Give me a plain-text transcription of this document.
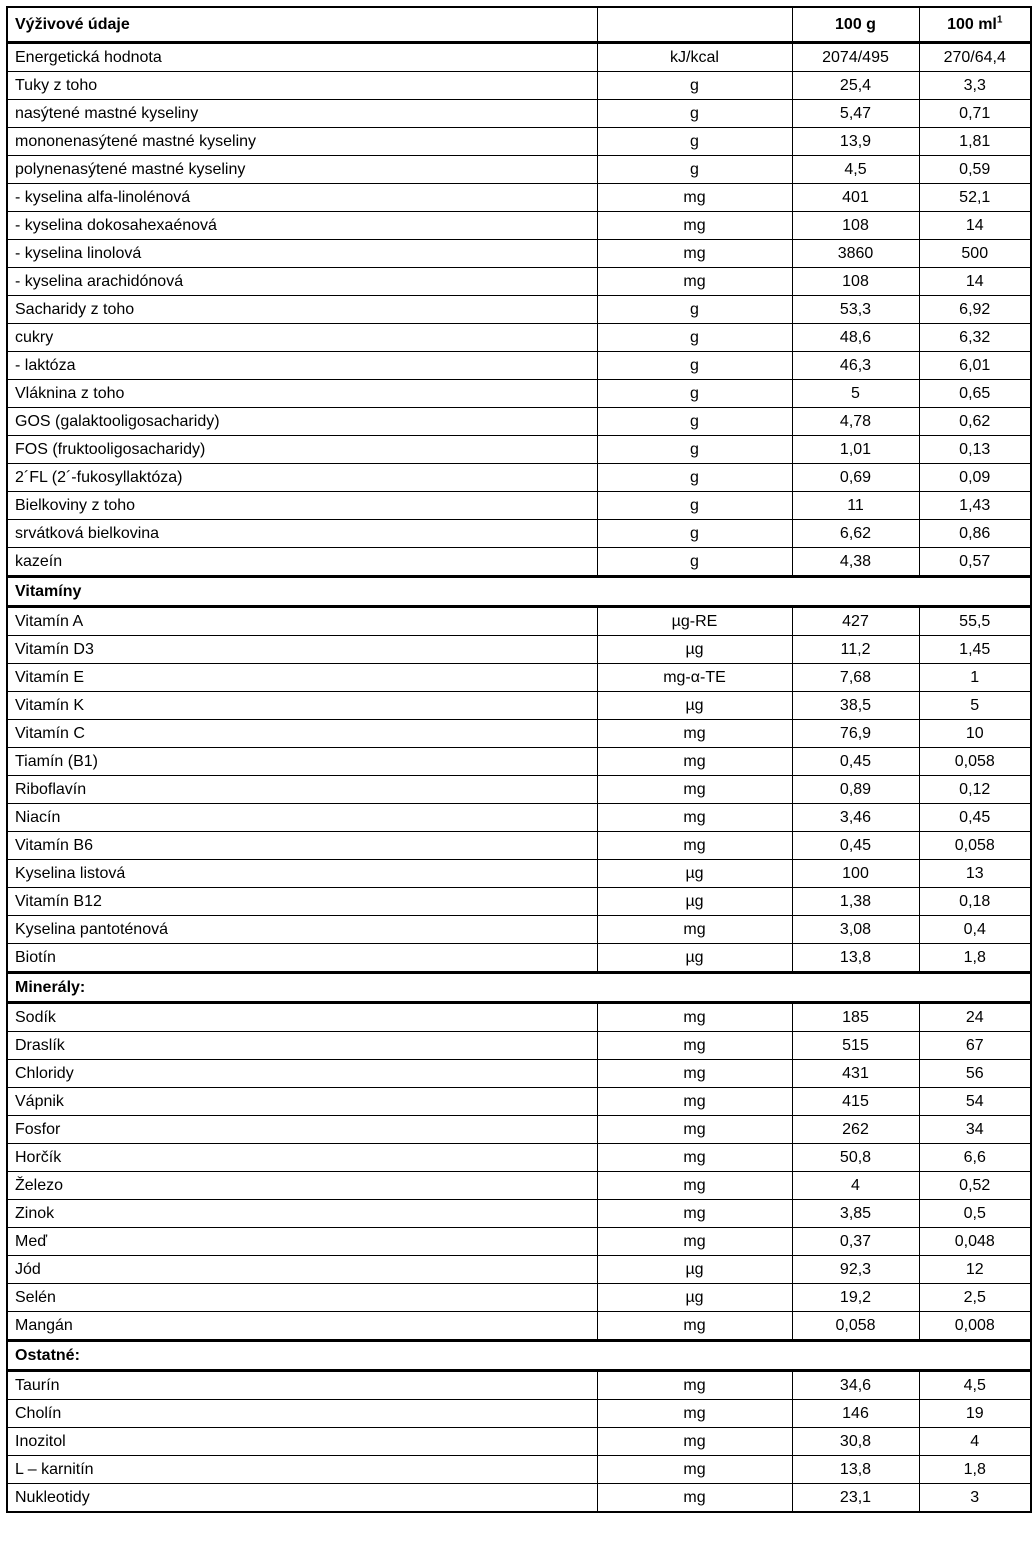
Výživové údaje		100 g	100 $ml^1$
Energetická hodnota	kJ/kcal	2074/495	270/64,4
Tuky z toho	g	25,4	3,3
nasýtené mastné kyseliny	g	5,47	0,71
mononenasýtené mastné kyseliny	g	13,9	1,81
polynenasýtené mastné kyseliny	g	4,5	0,59
- kyselina alfa-linolénová	mg	401	52,1
- kyselina dokosahexaénová	mg	108	14
- kyselina linolová	mg	3860	500
- kyselina arachidónová	mg	108	14
Sacharidy z toho	g	53,3	6,92
cukry	g	48,6	6,32
- laktóza	g	46,3	6,01
Vláknina z toho	g	5	0,65
GOS (galaktooligosacharidy)	g	4,78	0,62
FOS (fruktooligosacharidy)	g	1,01	0,13
2´FL (2´-fukosyllaktóza)	g	0,69	0,09
Bielkoviny z toho	g	11	1,43
srvátková bielkovina	g	6,62	0,86
kazeín	g	4,38	0,57
Vitamíny			
Vitamín A	µg-RE	427	55,5
Vitamín D3	µg	11,2	1,45
Vitamín E	mg-α-TE	7,68	1
Vitamín K	µg	38,5	5
Vitamín C	mg	76,9	10
Tiamín (B1)	mg	0,45	0,058
Riboflavín	mg	0,89	0,12
Niacín	mg	3,46	0,45
Vitamín B6	mg	0,45	0,058
Kyselina listová	µg	100	13
Vitamín B12	µg	1,38	0,18
Kyselina pantoténová	mg	3,08	0,4
Biotín	µg	13,8	1,8
Minerály:			
Sodík	mg	185	24
Draslík	mg	515	67
Chloridy	mg	431	56
Vápnik	mg	415	54
Fosfor	mg	262	34
Horčík	mg	50,8	6,6
Železo	mg	4	0,52
Zinok	mg	3,85	0,5
Meď	mg	0,37	0,048
Jód	µg	92,3	12
Selén	µg	19,2	2,5
Mangán	mg	0,058	0,008
Ostatné:			
Taurín	mg	34,6	4,5
Cholín	mg	146	19
Inozitol	mg	30,8	4
L – karnitín	mg	13,8	1,8
Nukleotidy	mg	23,1	3
